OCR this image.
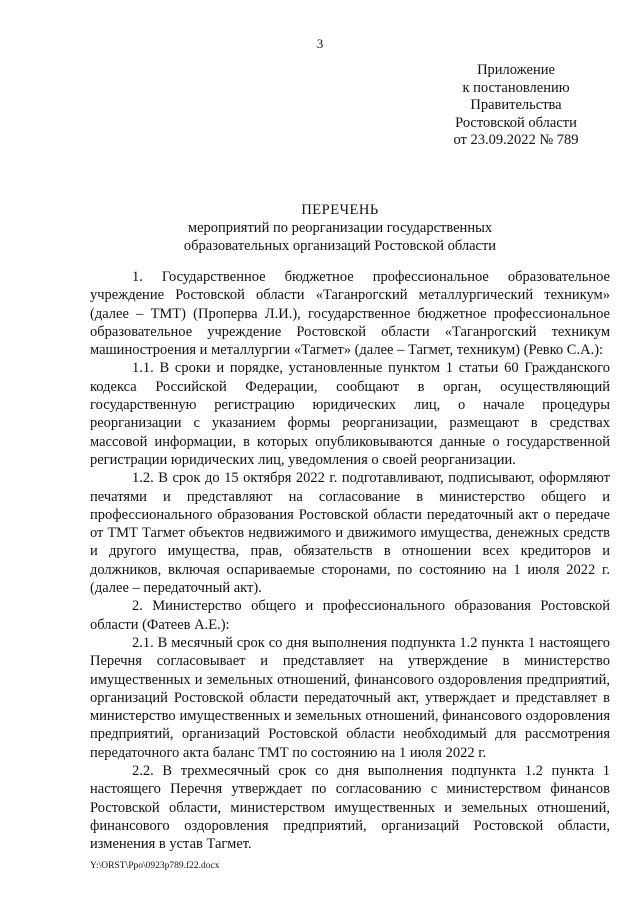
3
Приложение
к постановлению
Правительства
Ростовской области
от 23.09.2022 № 789
ПЕРЕЧЕНЬ
мероприятий по реорганизации государственных
образовательных организаций Ростовской области

1. Государственное бюджетное профессиональное образовательное учреждение Ростовской области «Таганрогский металлургический техникум» (далее – ТМТ) (Проперва Л.И.), государственное бюджетное профессиональное образовательное учреждение Ростовской области «Таганрогский техникум машиностроения и металлургии «Тагмет» (далее – Тагмет, техникум) (Ревко С.А.):

1.1. В сроки и порядке, установленные пунктом 1 статьи 60 Гражданского кодекса Российской Федерации, сообщают в орган, осуществляющий государственную регистрацию юридических лиц, о начале процедуры реорганизации с указанием формы реорганизации, размещают в средствах массовой информации, в которых опубликовываются данные о государственной регистрации юридических лиц, уведомления о своей реорганизации.

1.2. В срок до 15 октября 2022 г. подготавливают, подписывают, оформляют печатями и представляют на согласование в министерство общего и профессионального образования Ростовской области передаточный акт о передаче от ТМТ Тагмет объектов недвижимого и движимого имущества, денежных средств и другого имущества, прав, обязательств в отношении всех кредиторов и должников, включая оспариваемые сторонами, по состоянию на 1 июля 2022 г. (далее – передаточный акт).

2. Министерство общего и профессионального образования Ростовской области (Фатеев А.Е.):

2.1. В месячный срок со дня выполнения подпункта 1.2 пункта 1 настоящего Перечня согласовывает и представляет на утверждение в министерство имущественных и земельных отношений, финансового оздоровления предприятий, организаций Ростовской области передаточный акт, утверждает и представляет в министерство имущественных и земельных отношений, финансового оздоровления предприятий, организаций Ростовской области необходимый для рассмотрения передаточного акта баланс ТМТ по состоянию на 1 июля 2022 г.

2.2. В трехмесячный срок со дня выполнения подпункта 1.2 пункта 1 настоящего Перечня утверждает по согласованию с министерством финансов Ростовской области, министерством имущественных и земельных отношений, финансового оздоровления предприятий, организаций Ростовской области, изменения в устав Тагмет.

Y:\ORST\Ppo\0923p789.f22.docx
